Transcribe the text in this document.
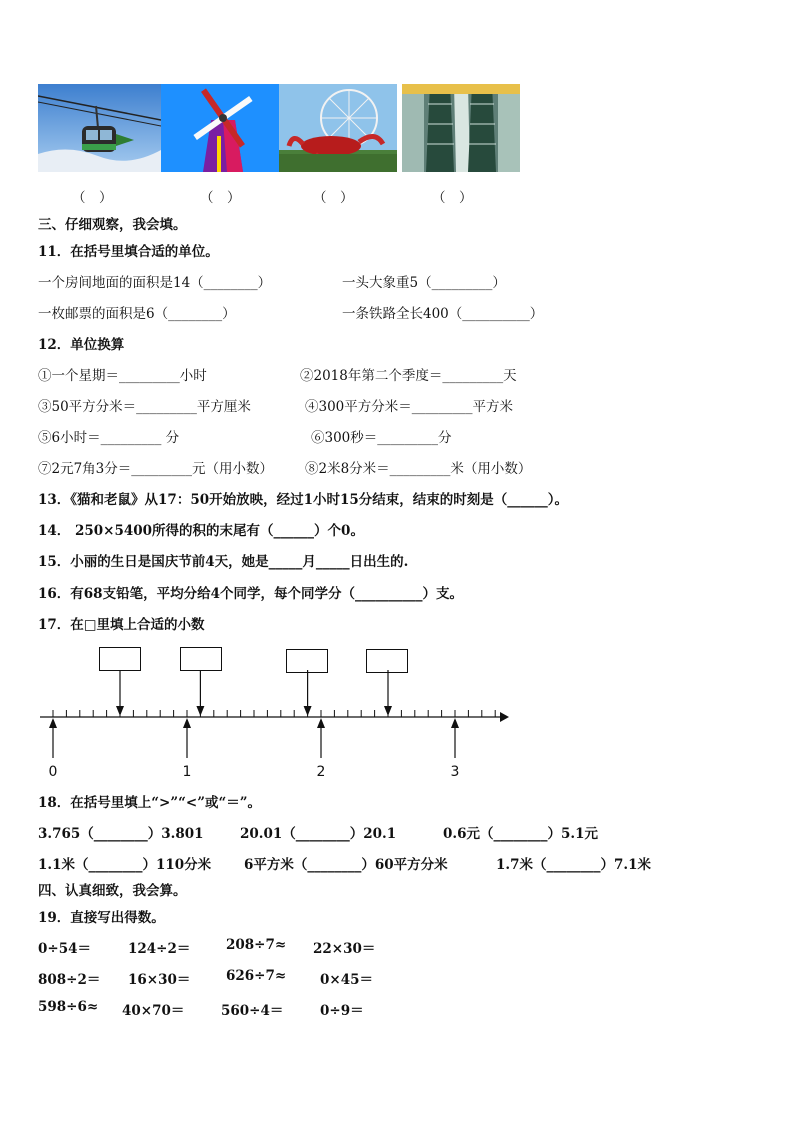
（　）	（　）	（　）	（　）
三、仔细观察，我会填。
11．在括号里填合适的单位。
一个房间地面的面积是14（________）	一头大象重5（_________）
一枚邮票的面积是6（________）	一条铁路全长400（__________）
12．单位换算
①一个星期＝_________小时	②2018年第二个季度＝_________天
③50平方分米＝_________平方厘米	④300平方分米＝_________平方米
⑤6小时＝_________ 分	⑥300秒＝_________分
⑦2元7角3分＝_________元（用小数） ⑧2米8分米＝_________米（用小数）
13．《猫和老鼠》从17：50开始放映，经过1小时15分结束，结束的时刻是（______）。
14． 250×5400所得的积的末尾有（______）个0。
15．小丽的生日是国庆节前4天，她是_____月_____日出生的.
16．有68支铅笔，平均分给4个同学，每个同学分（__________）支。
17．在□里填上合适的小数
0	1	2	3
18．在括号里填上“>”“<”或“＝”。
3.765（________）3.801	20.01（________）20.1	0.6元（________）5.1元
1.1米（________）110分米 6平方米（________）60平方分米	1.7米（________）7.1米
四、认真细致，我会算。
19．直接写出得数。
0÷54＝	124÷2＝	208÷7≈ 22×30＝
808÷2＝ 16×30＝	626÷7≈	0×45＝
598÷6≈ 40×70＝	560÷4＝	0÷9＝
